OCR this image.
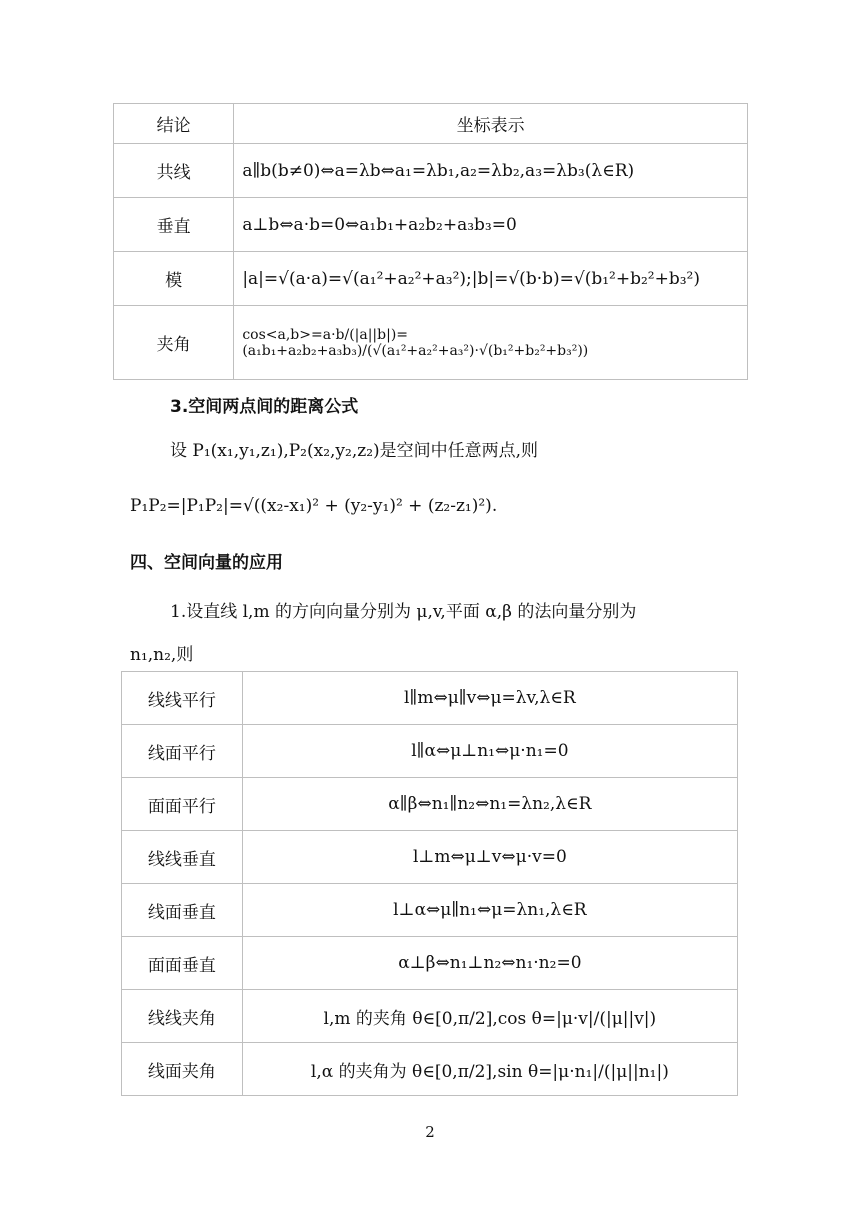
结论	坐标表示
共线	a∥b(b≠0)⇔a=λb⇔a₁=λb₁,a₂=λb₂,a₃=λb₃(λ∈R)
垂直	a⊥b⇔a·b=0⇔a₁b₁+a₂b₂+a₃b₃=0
模	|a|=√(a·a)=√(a₁²+a₂²+a₃²);|b|=√(b·b)=√(b₁²+b₂²+b₃²)
夹角	cos<a,b>=a·b/(|a||b|)=(a₁b₁+a₂b₂+a₃b₃)/(√(a₁²+a₂²+a₃²)·√(b₁²+b₂²+b₃²))
3.空间两点间的距离公式
设 P₁(x₁,y₁,z₁),P₂(x₂,y₂,z₂)是空间中任意两点,则
P₁P₂=|P₁P₂|=√((x₂-x₁)² + (y₂-y₁)² + (z₂-z₁)²).
四、空间向量的应用
1.设直线 l,m 的方向向量分别为 μ,v,平面 α,β 的法向量分别为
n₁,n₂,则
线线平行	l∥m⇔μ∥v⇔μ=λv,λ∈R
线面平行	l∥α⇔μ⊥n₁⇔μ·n₁=0
面面平行	α∥β⇔n₁∥n₂⇔n₁=λn₂,λ∈R
线线垂直	l⊥m⇔μ⊥v⇔μ·v=0
线面垂直	l⊥α⇔μ∥n₁⇔μ=λn₁,λ∈R
面面垂直	α⊥β⇔n₁⊥n₂⇔n₁·n₂=0
线线夹角	l,m 的夹角 θ∈[0,π/2],cos θ=|μ·v|/(|μ||v|)
线面夹角	l,α 的夹角为 θ∈[0,π/2],sin θ=|μ·n₁|/(|μ||n₁|)
2
